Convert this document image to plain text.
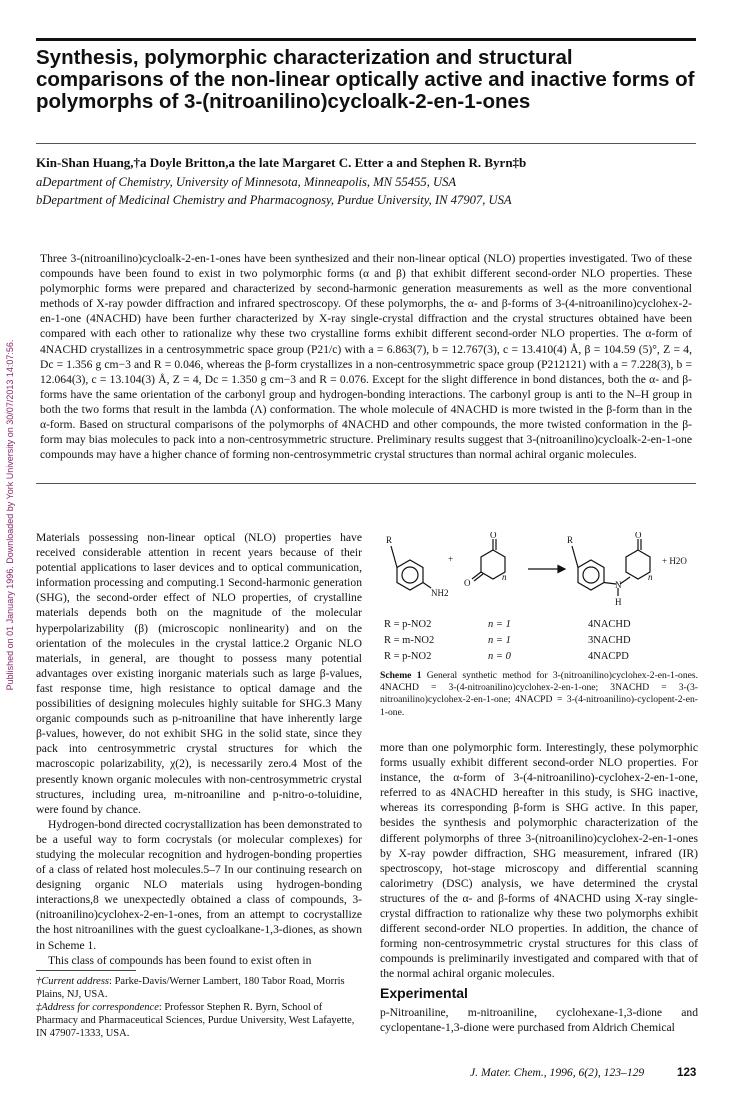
Synthesis, polymorphic characterization and structural comparisons of the non-linear optically active and inactive forms of polymorphs of 3-(nitroanilino)cycloalk-2-en-1-ones
Kin-Shan Huang,†a Doyle Britton,a the late Margaret C. Etter a and Stephen R. Byrn‡b
aDepartment of Chemistry, University of Minnesota, Minneapolis, MN 55455, USA
bDepartment of Medicinal Chemistry and Pharmacognosy, Purdue University, IN 47907, USA

Three 3-(nitroanilino)cycloalk-2-en-1-ones have been synthesized and their non-linear optical (NLO) properties investigated. Two of these compounds have been found to exist in two polymorphic forms (α and β) that exhibit different second-order NLO properties. These polymorphic forms were prepared and characterized by second-harmonic generation measurements as well as the more conventional methods of X-ray powder diffraction and infrared spectroscopy. Of these polymorphs, the α- and β-forms of 3-(4-nitroanilino)cyclohex-2-en-1-one (4NACHD) have been further characterized by X-ray single-crystal diffraction and the crystal structures obtained have been compared with each other to rationalize why these two crystalline forms exhibit different second-order NLO properties. The α-form of 4NACHD crystallizes in a centrosymmetric space group (P21/c) with a = 6.863(7), b = 12.767(3), c = 13.410(4) Å, β = 104.59 (5)°, Z = 4, Dc = 1.356 g cm−3 and R = 0.046, whereas the β-form crystallizes in a non-centrosymmetric space group (P212121) with a = 7.228(3), b = 12.064(3), c = 13.104(3) Å, Z = 4, Dc = 1.350 g cm−3 and R = 0.076. Except for the slight difference in bond distances, both the α- and β-forms have the same orientation of the carbonyl group and hydrogen-bonding interactions. The carbonyl group is anti to the N–H group in both the two forms that result in the lambda (Λ) conformation. The whole molecule of 4NACHD is more twisted in the β-form than in the α-form. Based on structural comparisons of the polymorphs of 4NACHD and other compounds, the more twisted conformation in the β-form may bias molecules to pack into a non-centrosymmetric structure. Preliminary results suggest that 3-(nitroanilino)cycloalk-2-en-1-one compounds may have a higher chance of forming non-centrosymmetric crystal structures than normal achiral organic molecules.

Published on 01 January 1996. Downloaded by York University on 30/07/2013 14:07:56. Materials possessing non-linear optical (NLO) properties have received considerable attention in recent years because of their potential applications to laser devices and to optical communication, information processing and computing.1 Second-harmonic generation (SHG), the second-order effect of NLO properties, of crystalline materials depends both on the magnitude of the molecular hyperpolarizability (β) (microscopic nonlinearity) and on the orientation of the molecules in the crystal lattice.2 Organic NLO materials, in general, are thought to possess many potential advantages over existing inorganic materials such as large β-values, fast response time, high resistance to optical damage and the possibilities of designing molecules highly suitable for SHG.3 Many organic compounds such as p-nitroaniline that have inherently large β-values, however, do not exhibit SHG in the solid state, since they pack into centrosymmetric crystal structures for which the macroscopic polarizability, χ(2), is necessarily zero.4 Most of the presently known organic molecules with non-centrosymmetric crystal structures, including urea, m-nitroaniline and p-nitro-o-toluidine, were found by chance.

Hydrogen-bond directed cocrystallization has been demonstrated to be a useful way to form cocrystals (or molecular complexes) for studying the molecular recognition and hydrogen-bonding properties of a class of related host molecules.5–7 In our continuing research on designing organic NLO materials using hydrogen-bonding interactions,8 we unexpectedly obtained a class of compounds, 3-(nitroanilino)cyclohex-2-en-1-ones, from an attempt to cocrystallize the host nitroanilines with the guest cycloalkane-1,3-diones, as shown in Scheme 1.

This class of compounds has been found to exist often in

†Current address: Parke-Davis/Werner Lambert, 180 Tabor Road, Morris Plains, NJ, USA.

‡Address for correspondence: Professor Stephen R. Byrn, School of Pharmacy and Pharmaceutical Sciences, Purdue University, West Lafayette, IN 47907-1333, USA.

R
NH2
+
O
O
n
R	O
N
H
n
+ H2O
R = p-NO2	n = 1	4NACHD
R = m-NO2	n = 1	3NACHD
R = p-NO2	n = 0	4NACPD

Scheme 1 General synthetic method for 3-(nitroanilino)cyclohex-2-en-1-ones. 4NACHD = 3-(4-nitroanilino)cyclohex-2-en-1-one; 3NACHD = 3-(3-nitroanilino)cyclohex-2-en-1-one; 4NACPD = 3-(4-nitroanilino)-cyclopent-2-en-1-one.

more than one polymorphic form. Interestingly, these polymorphic forms usually exhibit different second-order NLO properties. For instance, the α-form of 3-(4-nitroanilino)-cyclohex-2-en-1-one, referred to as 4NACHD hereafter in this study, is SHG inactive, whereas its corresponding β-form is SHG active. In this paper, besides the synthesis and polymorphic characterization of the different polymorphs of three 3-(nitroanilino)cyclohex-2-en-1-ones by X-ray powder diffraction, SHG measurement, infrared (IR) spectroscopy, hot-stage microscopy and differential scanning calorimetry (DSC) analysis, we have determined the crystal structures of the α- and β-forms of 4NACHD using X-ray single-crystal diffraction to rationalize why these two polymorphs exhibit different second-order NLO properties. In addition, the chance of forming non-centrosymmetric crystal structures for this class of compounds is preliminarily investigated and compared with that of the normal achiral organic molecules.

Experimental

p-Nitroaniline, m-nitroaniline, cyclohexane-1,3-dione and cyclopentane-1,3-dione were purchased from Aldrich Chemical

J. Mater. Chem., 1996, 6(2), 123–129	123
